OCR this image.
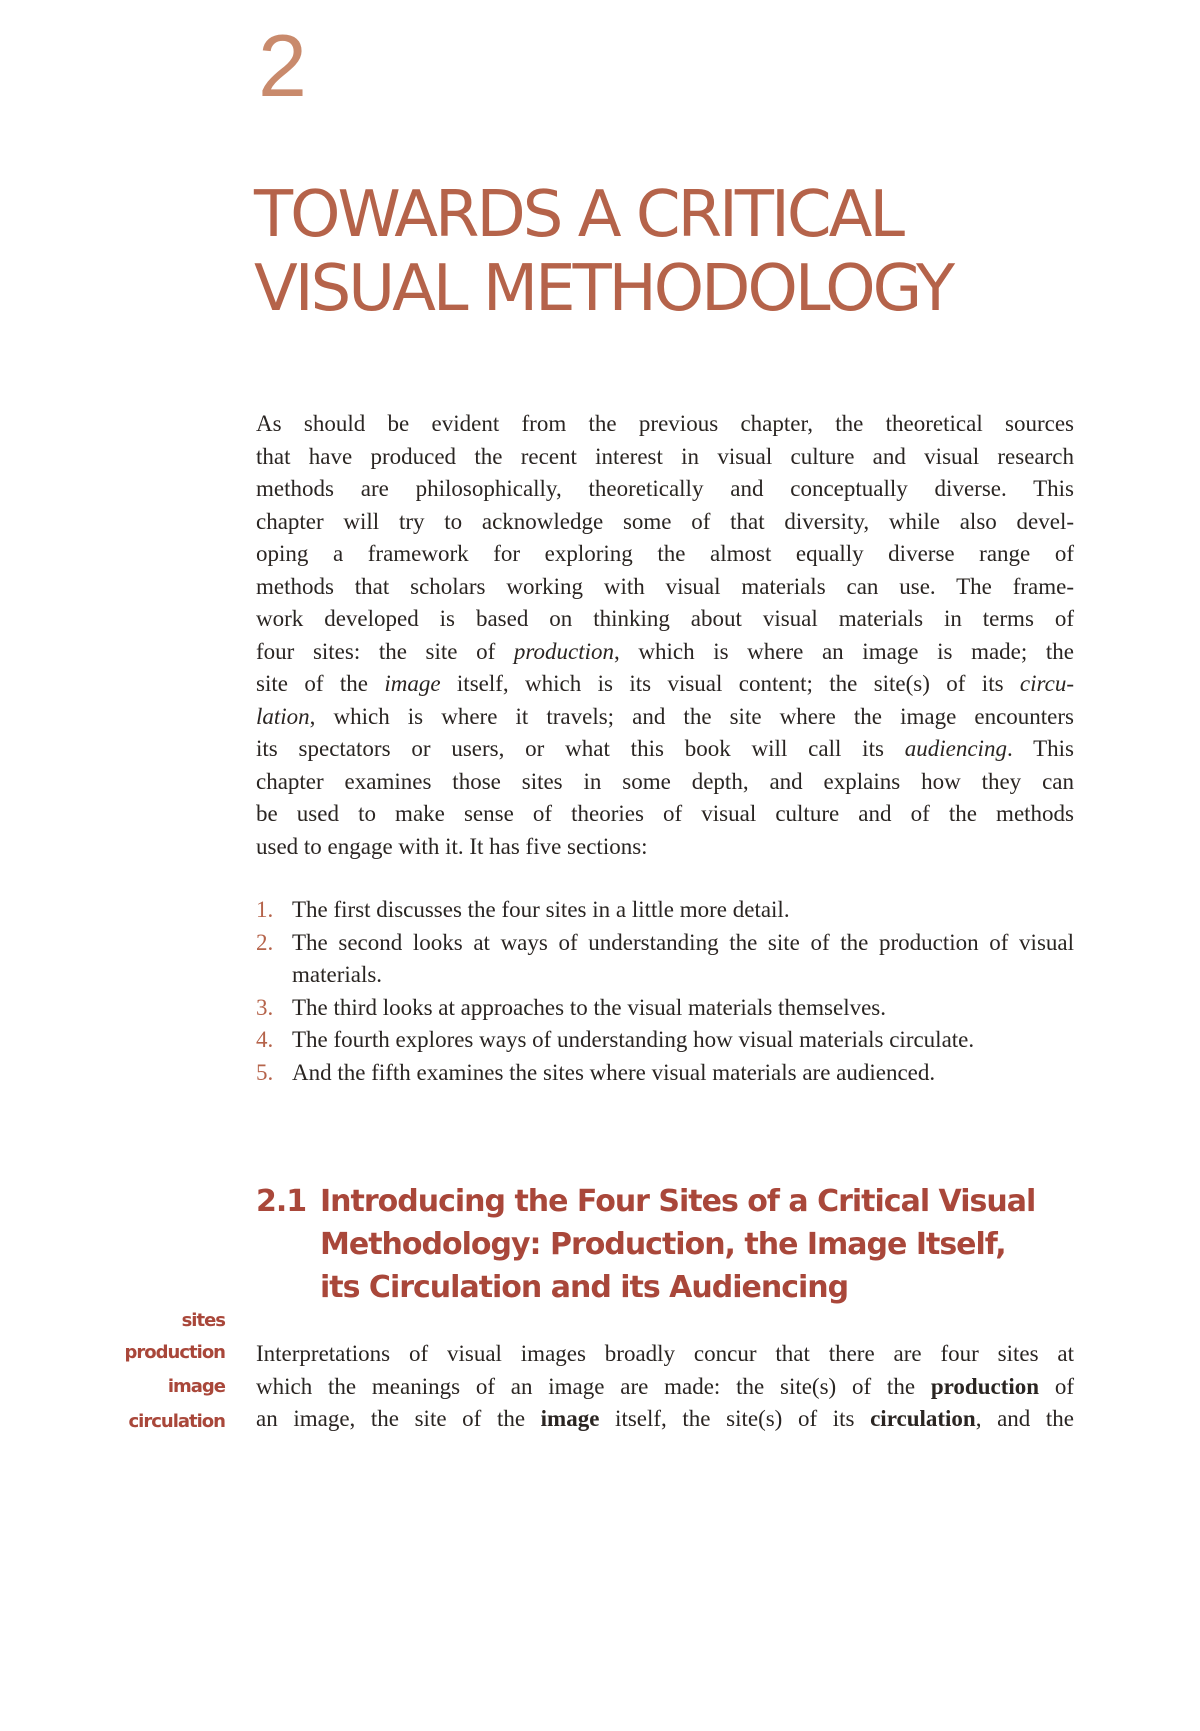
2
TOWARDS A CRITICAL
VISUAL METHODOLOGY
As should be evident from the previous chapter, the theoretical sources
that have produced the recent interest in visual culture and visual research
methods are philosophically, theoretically and conceptually diverse. This
chapter will try to acknowledge some of that diversity, while also devel-
oping a framework for exploring the almost equally diverse range of
methods that scholars working with visual materials can use. The frame-
work developed is based on thinking about visual materials in terms of
four sites: the site of production, which is where an image is made; the
site of the image itself, which is its visual content; the site(s) of its circu-
lation, which is where it travels; and the site where the image encounters
its spectators or users, or what this book will call its audiencing. This
chapter examines those sites in some depth, and explains how they can
be used to make sense of theories of visual culture and of the methods
used to engage with it. It has five sections:
1. The first discusses the four sites in a little more detail.
2. The second looks at ways of understanding the site of the production of visual materials.
3. The third looks at approaches to the visual materials themselves.
4. The fourth explores ways of understanding how visual materials circulate.
5. And the fifth examines the sites where visual materials are audienced.
2.1 Introducing the Four Sites of a Critical Visual
Methodology: Production, the Image Itself,
its Circulation and its Audiencing
sites
production
image
circulation
Interpretations of visual images broadly concur that there are four sites at
which the meanings of an image are made: the site(s) of the production of
an image, the site of the image itself, the site(s) of its circulation, and the
